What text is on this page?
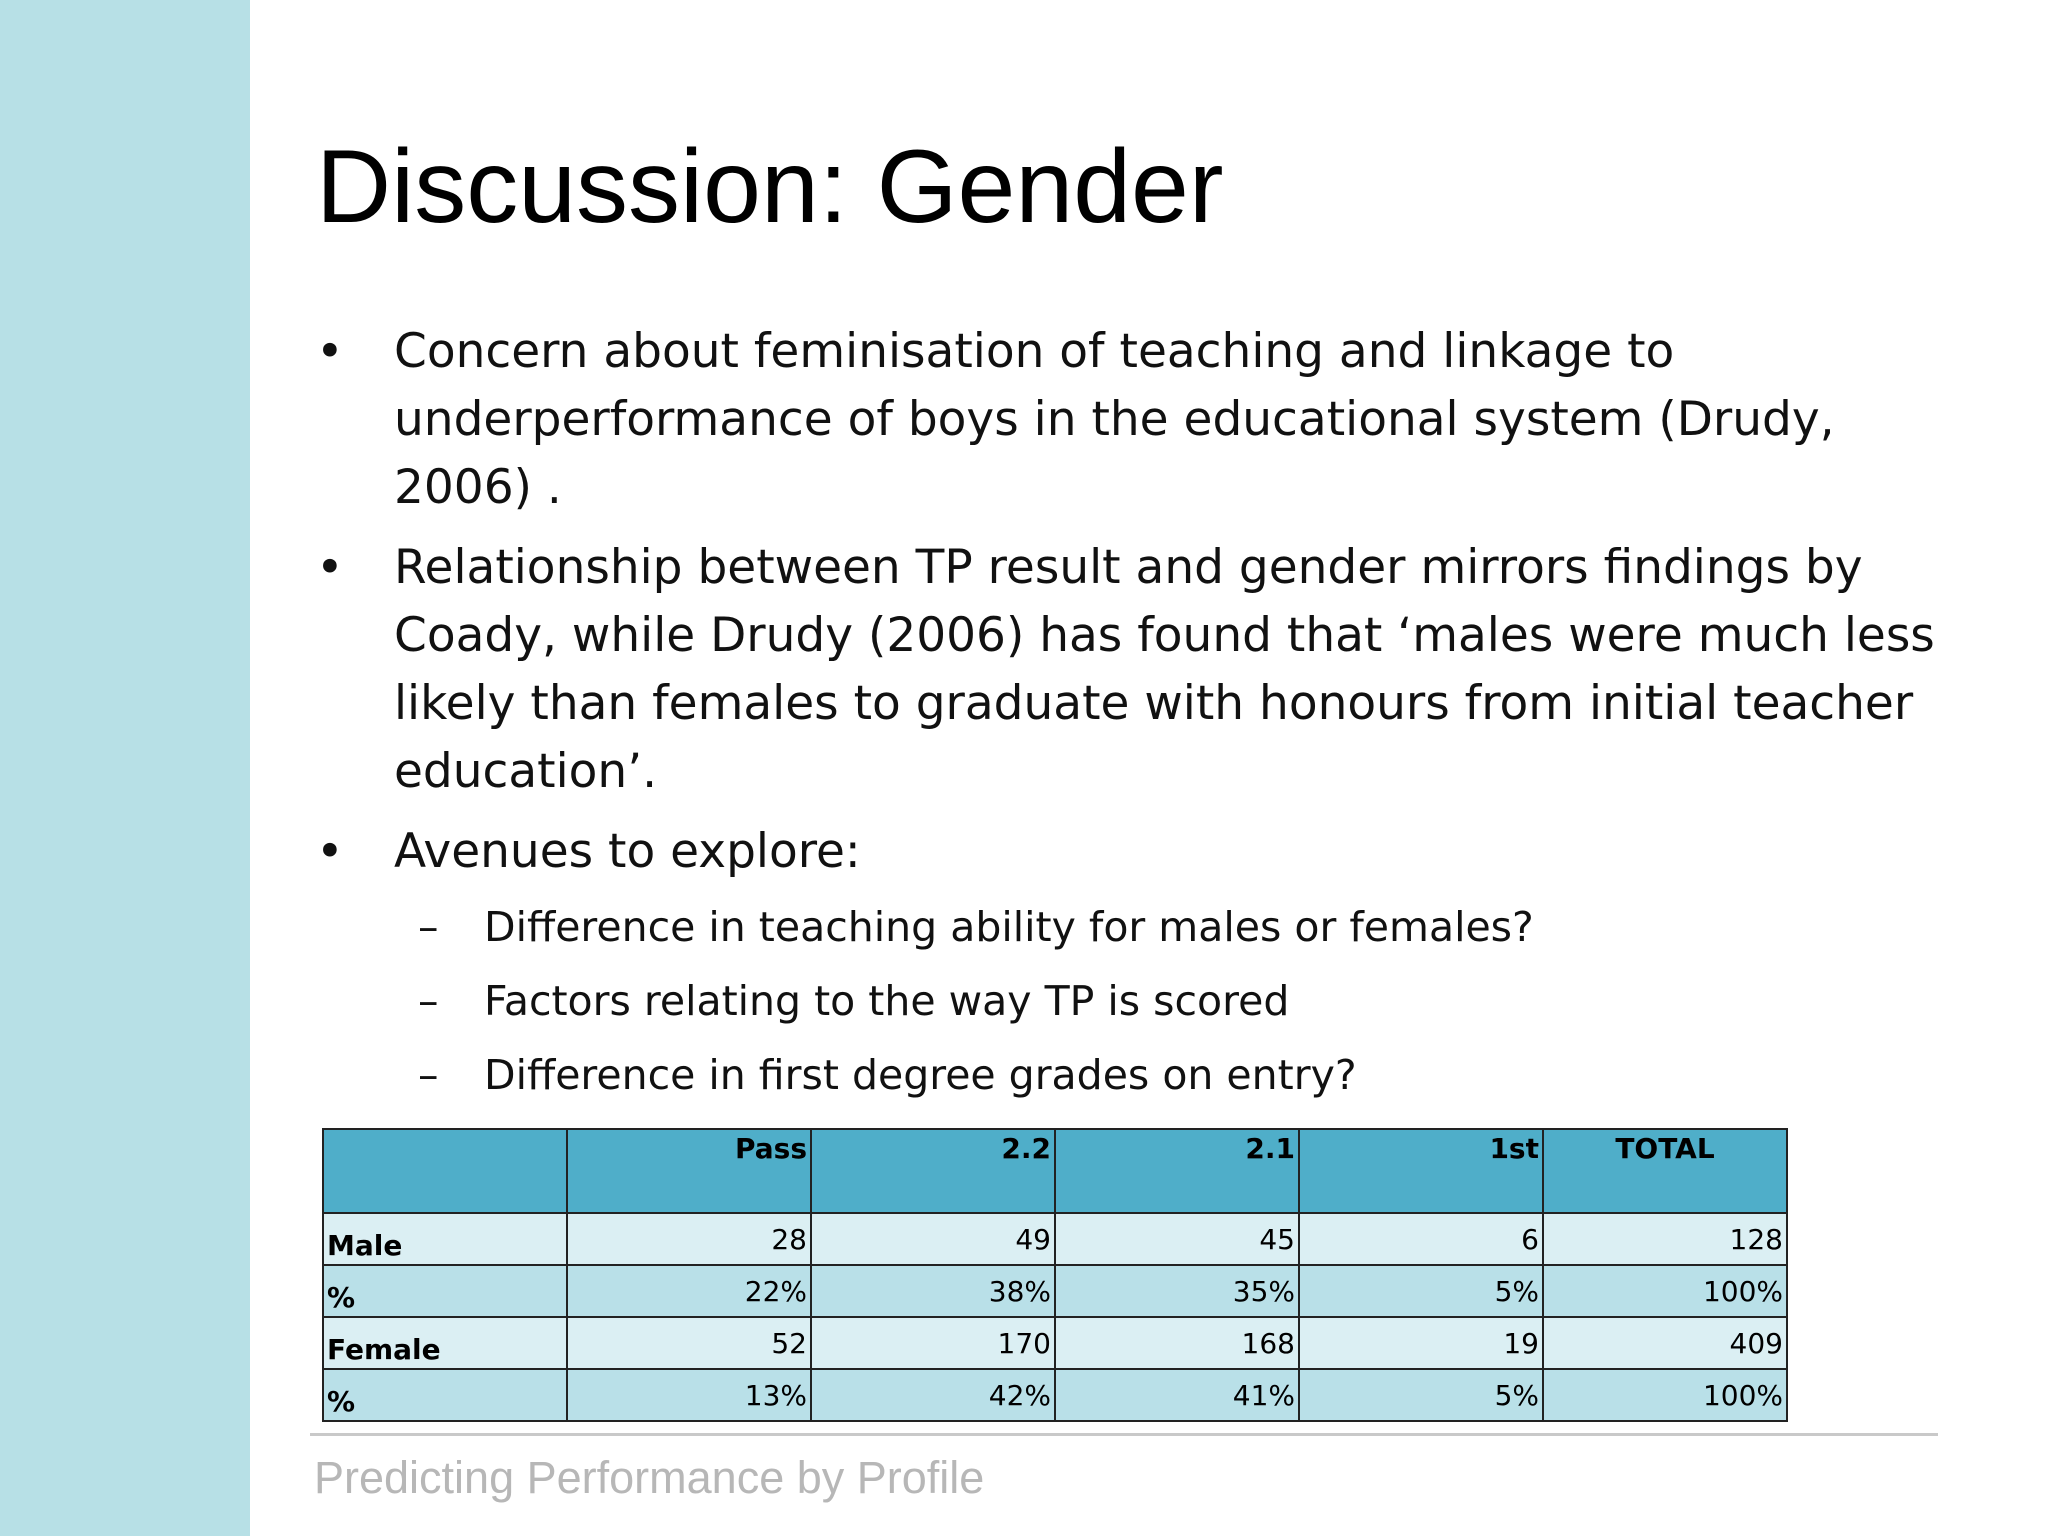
Discussion: Gender
• Concern about feminisation of teaching and linkage to underperformance of boys in the educational system (Drudy, 2006) .
• Relationship between TP result and gender mirrors findings by Coady, while Drudy (2006) has found that ‘males were much less likely than females to graduate with honours from initial teacher education’.
• Avenues to explore:
– Difference in teaching ability for males or females?
– Factors relating to the way TP is scored
– Difference in first degree grades on entry?
	Pass	2.2	2.1	1st	TOTAL
Male	28	49	45	6	128
%	22%	38%	35%	5%	100%
Female	52	170	168	19	409
%	13%	42%	41%	5%	100%
Predicting Performance by Profile
